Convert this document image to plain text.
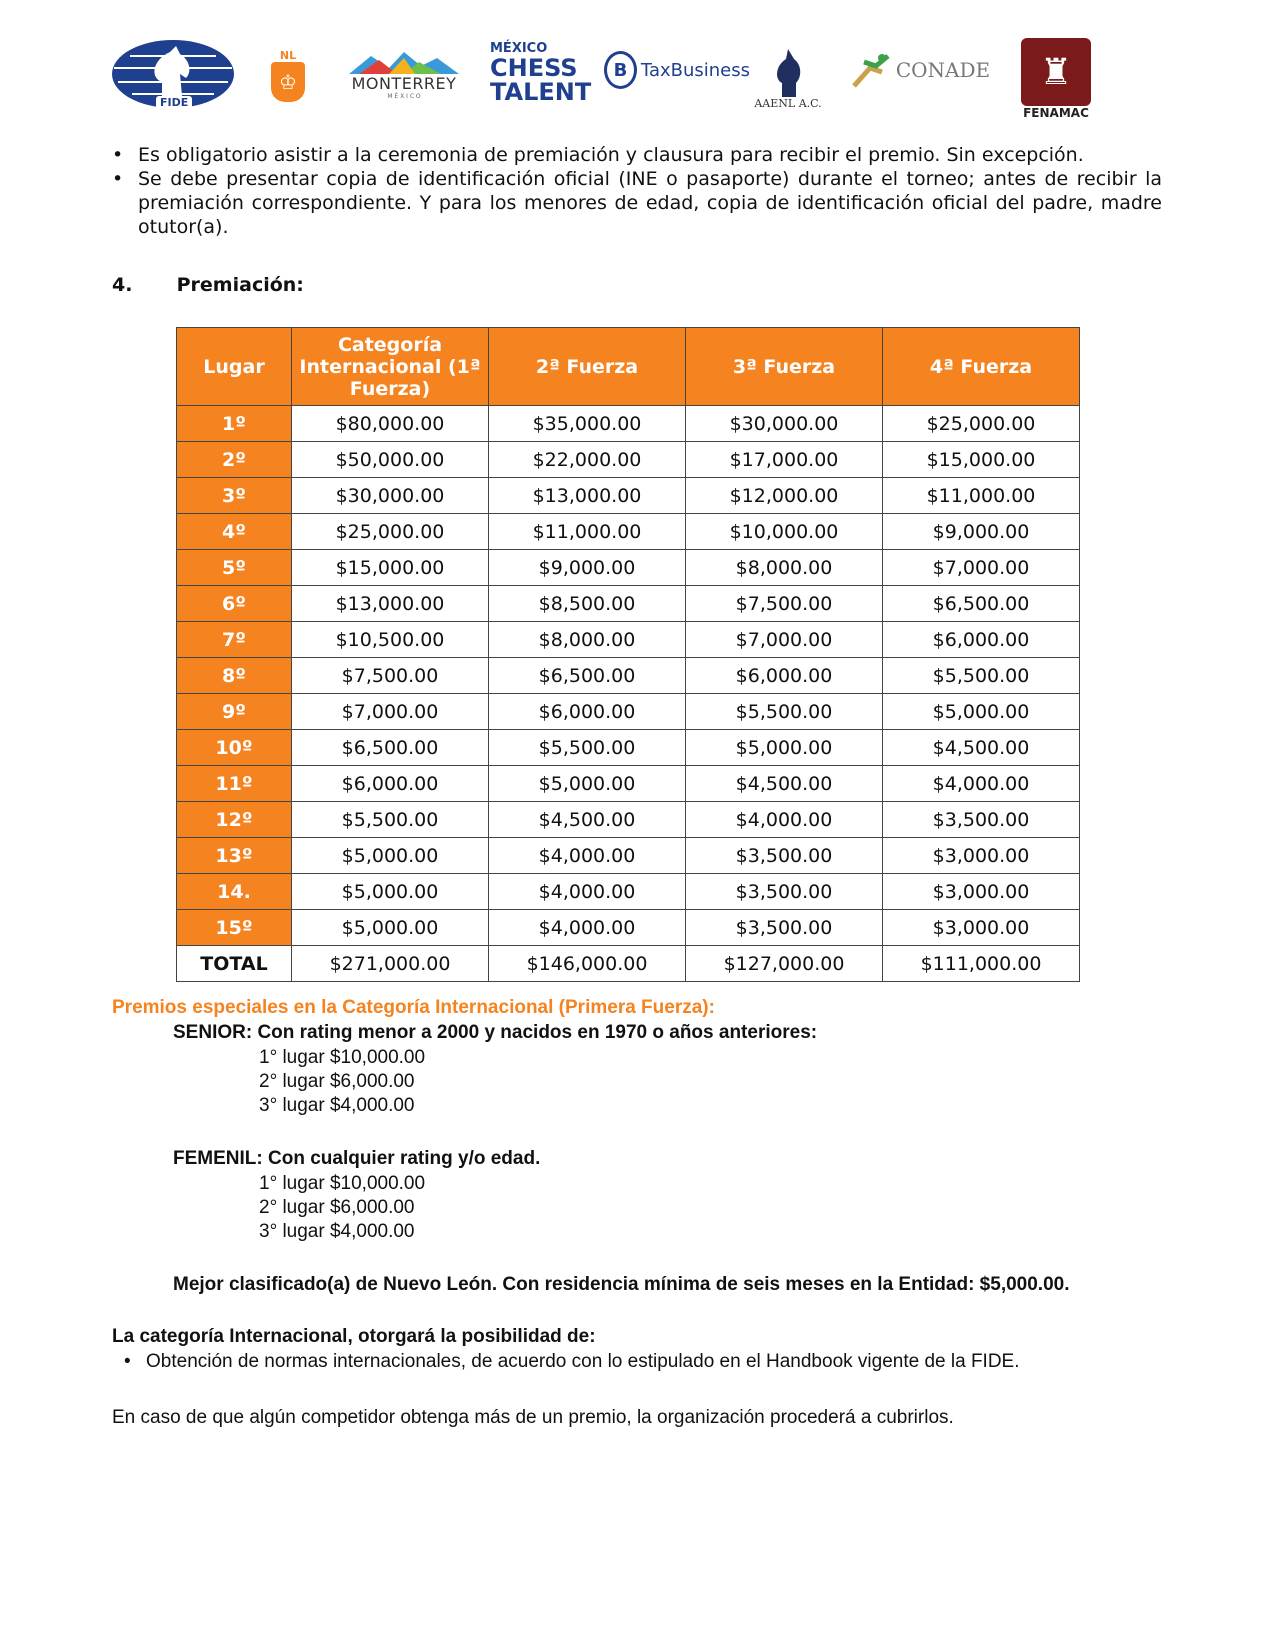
FIDE
NL
♔	MONTERREY
M É X I C O
MÉXICO
CHESS
TALENT
B TaxBusiness
AAENL A.C.
CONADE	♜
FENAMAC
• Es obligatorio asistir a la ceremonia de premiación y clausura para recibir el premio. Sin excepción.
• Se debe presentar copia de identificación oficial (INE o pasaporte) durante el torneo; antes de recibir la premiación correspondiente. Y para los menores de edad, copia de identificación oficial del padre, madre otutor(a).
4. Premiación:
Lugar	Categoría Internacional (1ª Fuerza)	2ª Fuerza	3ª Fuerza	4ª Fuerza
1º	$80,000.00	$35,000.00	$30,000.00	$25,000.00
2º	$50,000.00	$22,000.00	$17,000.00	$15,000.00
3º	$30,000.00	$13,000.00	$12,000.00	$11,000.00
4º	$25,000.00	$11,000.00	$10,000.00	$9,000.00
5º	$15,000.00	$9,000.00	$8,000.00	$7,000.00
6º	$13,000.00	$8,500.00	$7,500.00	$6,500.00
7º	$10,500.00	$8,000.00	$7,000.00	$6,000.00
8º	$7,500.00	$6,500.00	$6,000.00	$5,500.00
9º	$7,000.00	$6,000.00	$5,500.00	$5,000.00
10º	$6,500.00	$5,500.00	$5,000.00	$4,500.00
11º	$6,000.00	$5,000.00	$4,500.00	$4,000.00
12º	$5,500.00	$4,500.00	$4,000.00	$3,500.00
13º	$5,000.00	$4,000.00	$3,500.00	$3,000.00
14.	$5,000.00	$4,000.00	$3,500.00	$3,000.00
15º	$5,000.00	$4,000.00	$3,500.00	$3,000.00
TOTAL	$271,000.00	$146,000.00	$127,000.00	$111,000.00
Premios especiales en la Categoría Internacional (Primera Fuerza):
SENIOR: Con rating menor a 2000 y nacidos en 1970 o años anteriores:
1° lugar $10,000.00
2° lugar $6,000.00
3° lugar $4,000.00
FEMENIL: Con cualquier rating y/o edad.
1° lugar $10,000.00
2° lugar $6,000.00
3° lugar $4,000.00
Mejor clasificado(a) de Nuevo León. Con residencia mínima de seis meses en la Entidad: $5,000.00.
La categoría Internacional, otorgará la posibilidad de:
• Obtención de normas internacionales, de acuerdo con lo estipulado en el Handbook vigente de la FIDE.
En caso de que algún competidor obtenga más de un premio, la organización procederá a cubrirlos.
